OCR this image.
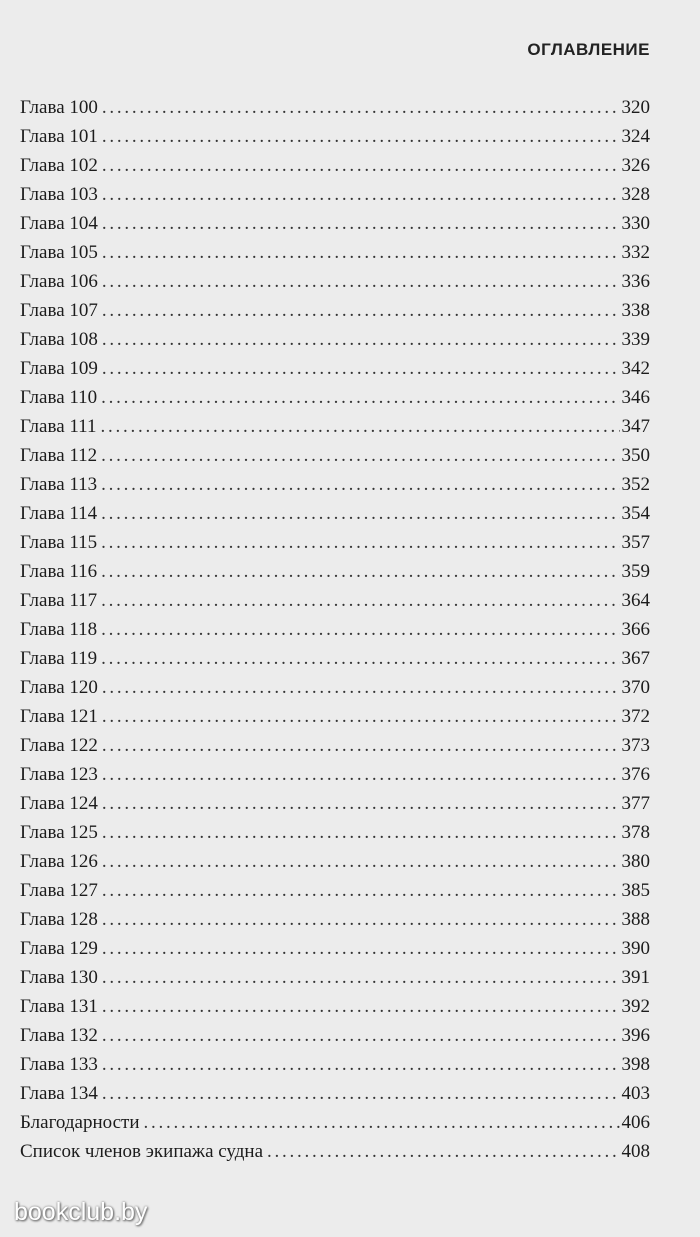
ОГЛАВЛЕНИЕ
Глава 100 . . .	320
Глава 101 . . .	324
Глава 102 . . .	326
Глава 103 . . .	328
Глава 104 . . .	330
Глава 105 . . .	332
Глава 106 . . .	336
Глава 107 . . .	338
Глава 108 . . .	339
Глава 109 . . .	342
Глава 110 . . .	346
Глава 111 . . .	347
Глава 112 . . .	350
Глава 113 . . .	352
Глава 114 . . .	354
Глава 115 . . .	357
Глава 116 . . .	359
Глава 117 . . .	364
Глава 118 . . .	366
Глава 119 . . .	367
Глава 120 . . .	370
Глава 121 . . .	372
Глава 122 . . .	373
Глава 123 . . .	376
Глава 124 . . .	377
Глава 125 . . .	378
Глава 126 . . .	380
Глава 127 . . .	385
Глава 128 . . .	388
Глава 129 . . .	390
Глава 130 . . .	391
Глава 131 . . .	392
Глава 132 . . .	396
Глава 133 . . .	398
Глава 134 . . .	403
Благодарности . . .	406
Список членов экипажа судна . . .	408
bookclub.by
